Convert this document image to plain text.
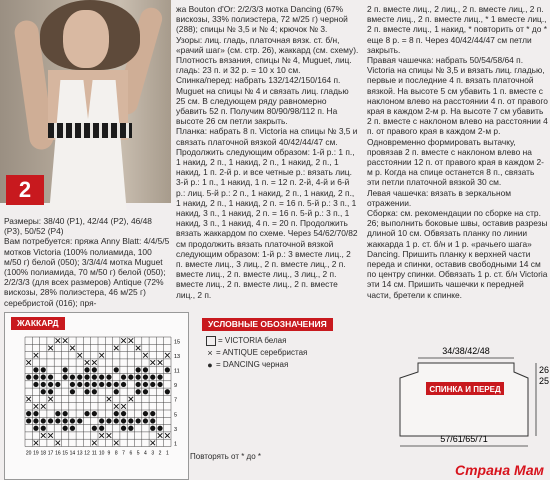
2

Размеры: 38/40 (Р1), 42/44 (Р2), 46/48 (Р3), 50/52 (Р4)

Вам потребуется: пряжа Anny Blatt: 4/4/5/5 мотков Victoria (100% полиамида, 100 м/50 г) белой (050); 3/3/4/4 мотка Muguet (100% полиамида, 70 м/50 г) белой (050); 2/2/3/3 (для всех размеров) Antique (72% вискозы, 28% полиэстера, 46 м/25 г) серебристой (016); пря-

жа Bouton d'Or: 2/2/3/3 мотка Dancing (67% вискозы, 33% полиэстера, 72 м/25 г) черной (288); спицы № 3,5 и № 4; крючок № 3.

Узоры: лиц. гладь, платочная вязк. ст. б/н, «рачий шаг» (см. стр. 26), жаккард (см. схему).

Плотность вязания, спицы № 4, Muguet, лиц. гладь: 23 п. и 32 р. = 10 х 10 см.

Спинка/перед: набрать 132/142/150/164 п. Muguet на спицы № 4 и связать лиц. гладью 25 см. В следующем ряду равномерно убавить 52 п. Получим 80/90/98/112 п. На высоте 26 см петли закрыть.

Планка: набрать 8 п. Victoria на спицы № 3,5 и связать платочной вязкой 40/42/44/47 см. Продолжить следующим образом: 1-й р.: 1 п., 1 накид, 2 п., 1 накид, 2 п., 1 накид, 2 п., 1 накид, 1 п. 2-й р. и все четные р.: вязать лиц. 3-й р.: 1 п., 1 накид, 1 п. = 12 п. 2-й, 4-й и 6-й р.: лиц. 5-й р.: 2 п., 1 накид, 2 п., 1 накид, 2 п., 1 накид, 2 п., 1 накид, 2 п. = 16 п. 5-й р.: 3 п., 1 накид, 3 п., 1 накид, 2 п. = 16 п. 5-й р.: 3 п., 1 накид, 3 п., 1 накид, 4 п. = 20 п. Продолжить вязать жаккардом по схеме. Через 54/62/70/82 см продолжить вязать платочной вязкой следующим образом: 1-й р.: 3 вместе лиц., 2 п. вместе лиц., 3 лиц., 2 п. вместе лиц., 2 п. вместе лиц., 2 п. вместе лиц., 3 лиц., 2 п. вместе лиц., 2 п. вместе лиц., 2 п. вместе лиц., 2 п.

2 п. вместе лиц., 2 лиц., 2 п. вместе лиц., 2 п. вместе лиц., 2 п. вместе лиц., * 1 вместе лиц., 2 п. вместе лиц., 1 накид, * повторить от * до * еще 8 р. = 8 п. Через 40/42/44/47 см петли закрыть.

Правая чашечка: набрать 50/54/58/64 п. Victoria на спицы № 3,5 и вязать лиц. гладью, первые и последние 4 п. вязать платочной вязкой. На высоте 5 см убавить 1 п. вместе с наклоном влево на расстоянии 4 п. от правого края в каждом 2-м р. На высоте 7 см убавить 2 п. вместе с наклоном влево на расстоянии 4 п. от правого края в каждом 2-м р. Одновременно формировать вытачку, провязав 2 п. вместе с наклоном влево на расстоянии 12 п. от правого края в каждом 2-м р. Когда на спице останется 8 п., связать эти петли платочной вязкой 30 см.

Левая чашечка: вязать в зеркальном отражении.

Сборка: см. рекомендации по сборке на стр. 26; выполнить боковые швы, оставив разрезы длиной 10 см. Обвязать планку по линии жаккарда 1 р. ст. б/н и 1 р. «рачьего шага» Dancing. Пришить планку к верхней части переда и спинки, оставив свободными 14 см по центру спинки. Обвязать 1 р. ст. б/н Victoria эти 14 см. Пришить чашечки к передней части, бретели к спинке.

ЖАККАРД
15
13
11
9
7
5
3
1
20 19 18 17 16 15 14 13 12 11 10 9 8 7 6 5 4 3 2 1	Повторять от * до *
УСЛОВНЫЕ ОБОЗНАЧЕНИЯ
= VICTORIA белая
× = ANTIQUE серебристая
● = DANCING черная
34/38/42/48
26
25
СПИНКА И ПЕРЕД
57/61/65/71
Страна Мам
